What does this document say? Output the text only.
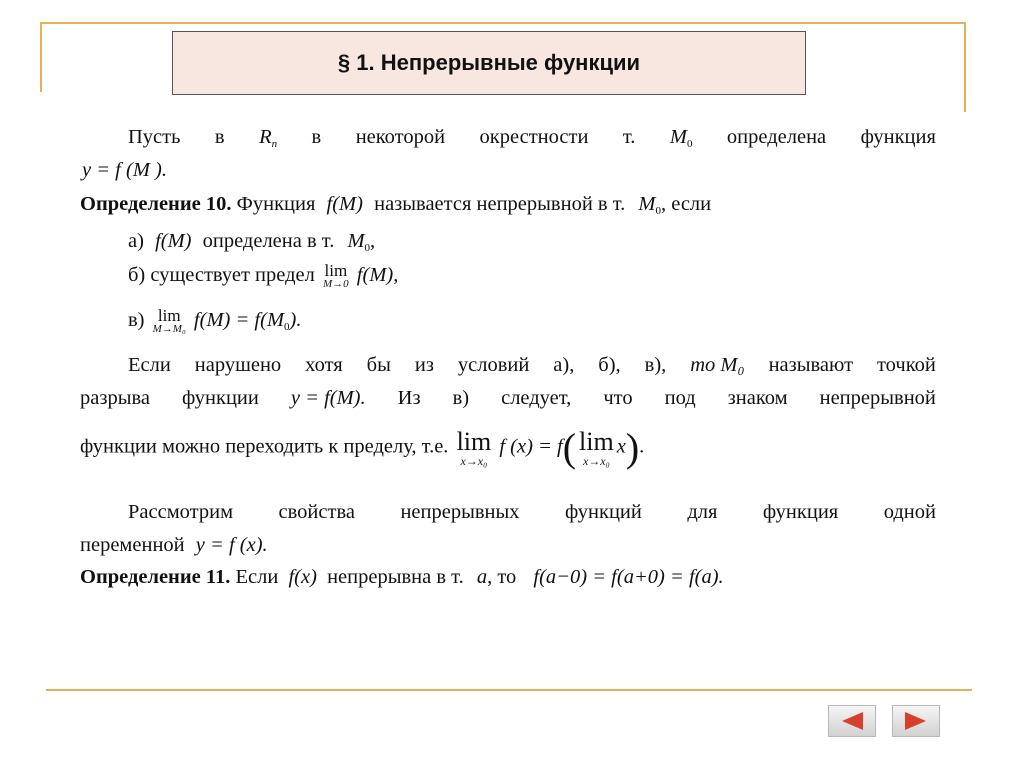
§ 1. Непрерывные функции
Пусть в Rn в некоторой окрестности т. $M_0$ определена функция
y = f (M ).
Определение 10. Функция f(M) называется непрерывной в т. $M_0$, если
а) f(M) определена в т. $M_0$,
б) существует предел lim
M→0 f(M),
в) lim
M→M₀ $f(M) = f(M_0)$.
Если нарушено хотя бы из условий а), б), в), то M₀ называют точкой
разрыва функции y = f(M). Из в) следует, что под знаком непрерывной
функции можно переходить к пределу, т.е. lim
x→x₀
f (x) = f( lim
x→x₀
x).
Рассмотрим свойства непрерывных функций для функция одной
переменной y = f (x).
Определение 11. Если f(x) непрерывна в т. a, то f(a−0) = f(a+0) = f(a).
